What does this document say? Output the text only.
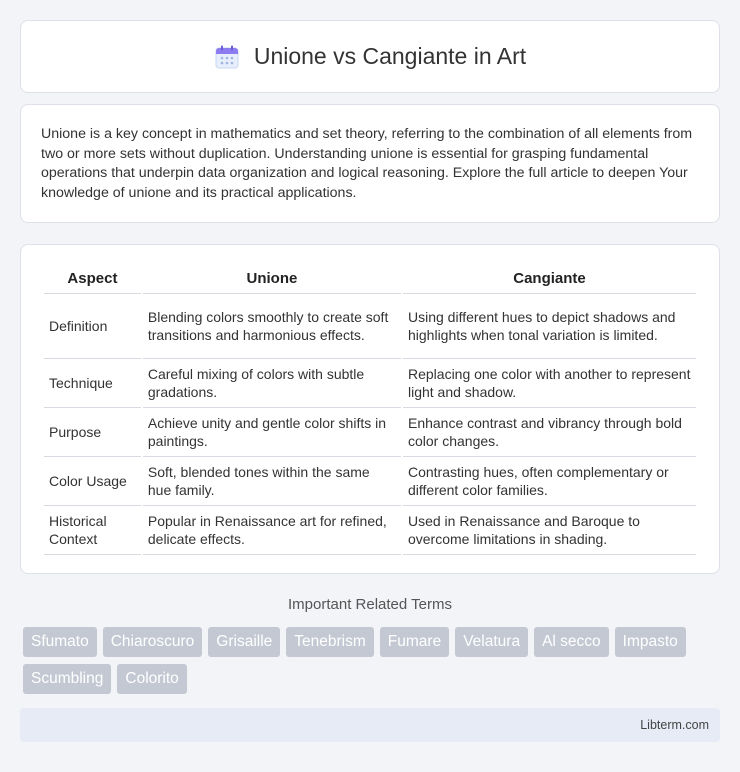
Unione vs Cangiante in Art

Unione is a key concept in mathematics and set theory, referring to the combination of all elements from two or more sets without duplication. Understanding unione is essential for grasping fundamental operations that underpin data organization and logical reasoning. Explore the full article to deepen Your knowledge of unione and its practical applications.

Aspect	Unione	Cangiante
Definition	Blending colors smoothly to create soft transitions and harmonious effects.	Using different hues to depict shadows and highlights when tonal variation is limited.
Technique	Careful mixing of colors with subtle gradations.	Replacing one color with another to represent light and shadow.
Purpose	Achieve unity and gentle color shifts in paintings.	Enhance contrast and vibrancy through bold color changes.
Color Usage	Soft, blended tones within the same hue family.	Contrasting hues, often complementary or different color families.
Historical Context	Popular in Renaissance art for refined, delicate effects.	Used in Renaissance and Baroque to overcome limitations in shading.
Important Related Terms
Sfumato	Chiaroscuro	Grisaille	Tenebrism	Fumare	Velatura	Al secco	Impasto
Scumbling	Colorito
Libterm.com
